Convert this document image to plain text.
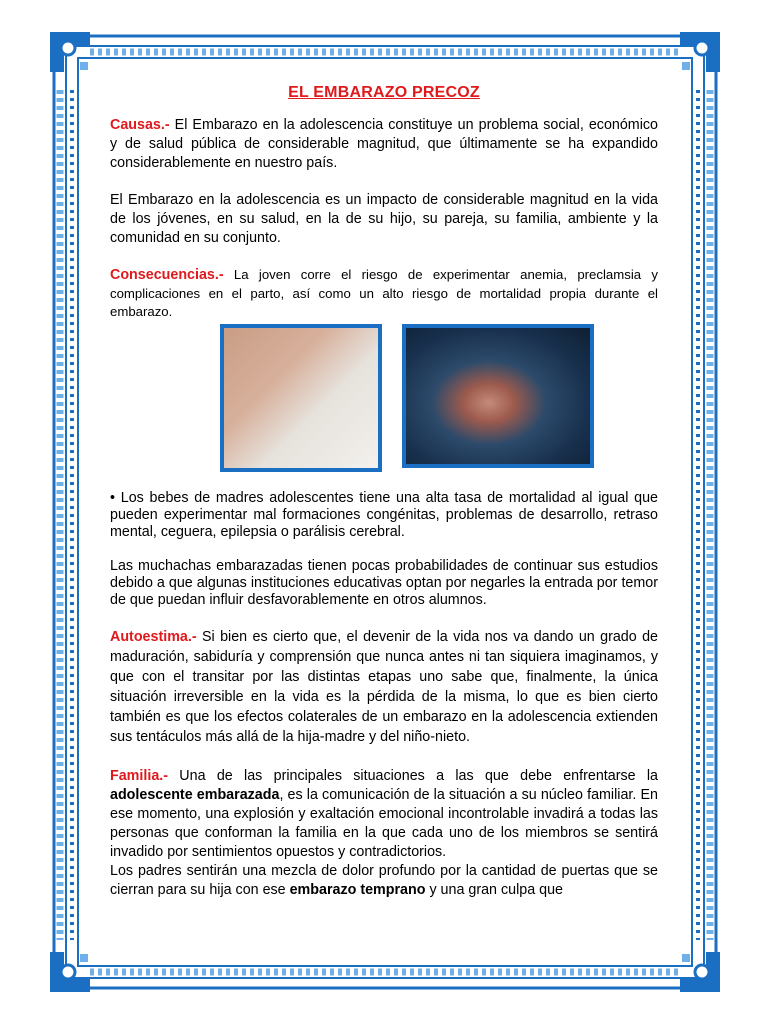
EL EMBARAZO PRECOZ

Causas.- El Embarazo en la adolescencia constituye un problema social, económico y de salud pública de considerable magnitud, que últimamente se ha expandido considerablemente en nuestro país.

El Embarazo en la adolescencia es un impacto de considerable magnitud en la vida de los jóvenes, en su salud, en la de su hijo, su pareja, su familia, ambiente y la comunidad en su conjunto.

Consecuencias.- La joven corre el riesgo de experimentar anemia, preclamsia y complicaciones en el parto, así como un alto riesgo de mortalidad propia durante el embarazo.

• Los bebes de madres adolescentes tiene una alta tasa de mortalidad al igual que pueden experimentar mal formaciones congénitas, problemas de desarrollo, retraso mental, ceguera, epilepsia o parálisis cerebral.

Las muchachas embarazadas tienen pocas probabilidades de continuar sus estudios debido a que algunas instituciones educativas optan por negarles la entrada por temor de que puedan influir desfavorablemente en otros alumnos.

Autoestima.- Si bien es cierto que, el devenir de la vida nos va dando un grado de maduración, sabiduría y comprensión que nunca antes ni tan siquiera imaginamos, y que con el transitar por las distintas etapas uno sabe que, finalmente, la única situación irreversible en la vida es la pérdida de la misma, lo que es bien cierto también es que los efectos colaterales de un embarazo en la adolescencia extienden sus tentáculos más allá de la hija-madre y del niño-nieto.

Familia.- Una de las principales situaciones a las que debe enfrentarse la adolescente embarazada, es la comunicación de la situación a su núcleo familiar. En ese momento, una explosión y exaltación emocional incontrolable invadirá a todas las personas que conforman la familia en la que cada uno de los miembros se sentirá invadido por sentimientos opuestos y contradictorios.

Los padres sentirán una mezcla de dolor profundo por la cantidad de puertas que se cierran para su hija con ese embarazo temprano y una gran culpa que
